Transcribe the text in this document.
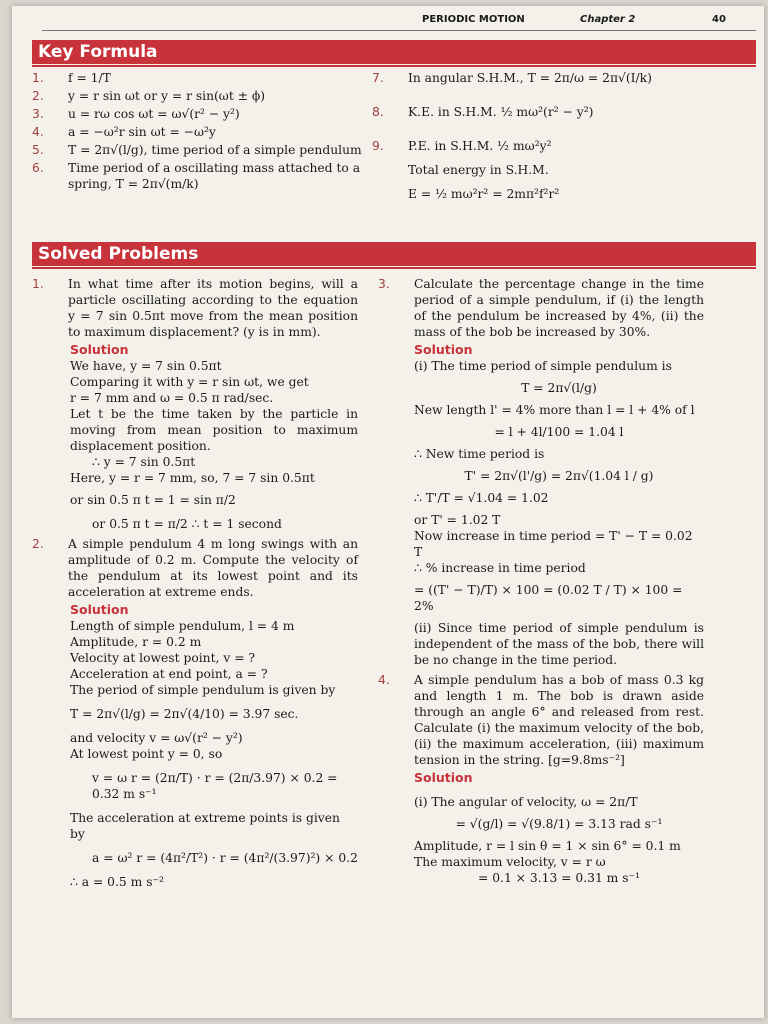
PERIODIC MOTION	Chapter 2	40
Key Formula
1. f = 1/T
2. y = r sin ωt or y = r sin(ωt ± ϕ)
3. u = rω cos ωt = ω√(r² − y²)
4. a = −ω²r sin ωt = −ω²y
5. T = 2π√(l/g), time period of a simple pendulum
6. Time period of a oscillating mass attached to a spring, T = 2π√(m/k)
7. In angular S.H.M., T = 2π/ω = 2π√(I/k)
8. K.E. in S.H.M. ½ mω²(r² − y²)
9. P.E. in S.H.M. ½ mω²y²
Total energy in S.H.M.
E = ½ mω²r² = 2mπ²f²r²
Solved Problems
1. In what time after its motion begins, will a particle oscillating according to the equation y = 7 sin 0.5πt move from the mean position to maximum displacement? (y is in mm).
Solution
We have, y = 7 sin 0.5πt
Comparing it with y = r sin ωt, we get
r = 7 mm and ω = 0.5 π rad/sec.
Let t be the time taken by the particle in moving from mean position to maximum displacement position.
∴ y = 7 sin 0.5πt
Here, y = r = 7 mm, so, 7 = 7 sin 0.5πt
or sin 0.5 π t = 1 = sin π/2
or 0.5 π t = π/2 ∴ t = 1 second
2. A simple pendulum 4 m long swings with an amplitude of 0.2 m. Compute the velocity of the pendulum at its lowest point and its acceleration at extreme ends.
Solution
Length of simple pendulum, l = 4 m
Amplitude, r = 0.2 m
Velocity at lowest point, v = ?
Acceleration at end point, a = ?
The period of simple pendulum is given by
T = 2π√(l/g) = 2π√(4/10) = 3.97 sec.
and velocity v = ω√(r² − y²)
At lowest point y = 0, so
v = ω r = (2π/T) · r = (2π/3.97) × 0.2 = 0.32 m s⁻¹
The acceleration at extreme points is given by
a = ω² r = (4π²/T²) · r = (4π²/(3.97)²) × 0.2
∴ a = 0.5 m s⁻²
3. Calculate the percentage change in the time period of a simple pendulum, if (i) the length of the pendulum be increased by 4%, (ii) the mass of the bob be increased by 30%.
Solution
(i) The time period of simple pendulum is
T = 2π√(l/g)
New length l' = 4% more than l = l + 4% of l
= l + 4l/100 = 1.04 l
∴ New time period is
T' = 2π√(l'/g) = 2π√(1.04 l / g)
∴ T'/T = √1.04 = 1.02
or T' = 1.02 T
Now increase in time period = T' − T = 0.02 T
∴ % increase in time period
= ((T' − T)/T) × 100 = (0.02 T / T) × 100 = 2%
(ii) Since time period of simple pendulum is independent of the mass of the bob, there will be no change in the time period.
4. A simple pendulum has a bob of mass 0.3 kg and length 1 m. The bob is drawn aside through an angle 6° and released from rest. Calculate (i) the maximum velocity of the bob, (ii) the maximum acceleration, (iii) maximum tension in the string. [g=9.8ms⁻²]
Solution
(i) The angular of velocity, ω = 2π/T
= √(g/l) = √(9.8/1) = 3.13 rad s⁻¹
Amplitude, r = l sin θ = 1 × sin 6° = 0.1 m
The maximum velocity, v = r ω
= 0.1 × 3.13 = 0.31 m s⁻¹
